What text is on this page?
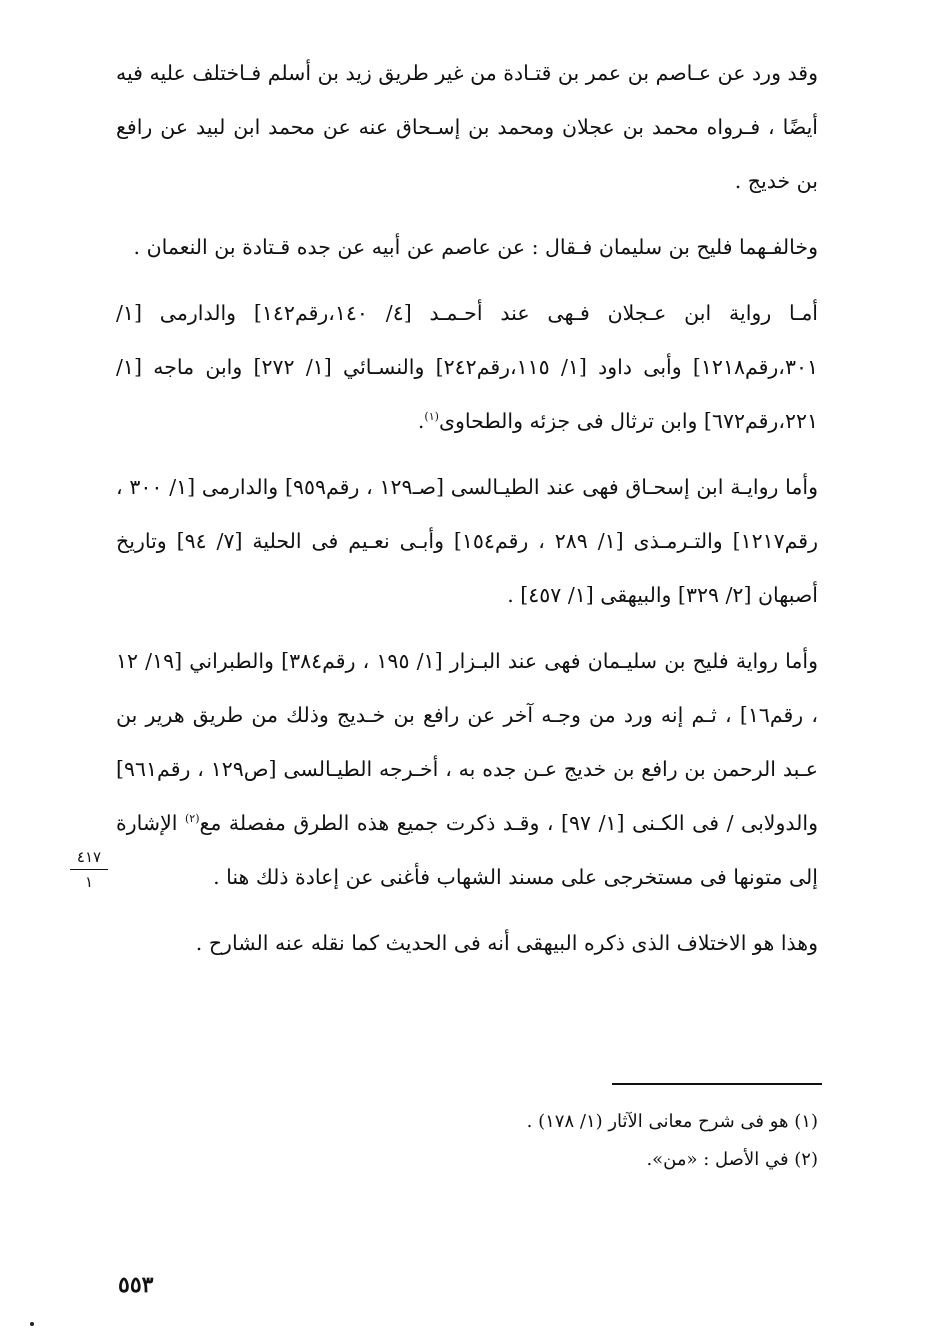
وقد ورد عن عـاصم بن عمر بن قتـادة من غير طريق زيد بن أسلم فـاختلف عليه فيه أيضًا ، فـرواه محمد بن عجلان ومحمد بن إسـحاق عنه عن محمد ابن لبيد عن رافع بن خديج .

وخالفـهما فليح بن سليمان فـقال : عن عاصم عن أبيه عن جده قـتادة بن النعمان .

أمـا رواية ابن عـجلان فـهى عند أحـمـد [٤/ ١٤٠،رقم١٤٢] والدارمى [١/ ٣٠١،رقم١٢١٨] وأبى داود [١/ ١١٥،رقم٢٤٢] والنسـائي [١/ ٢٧٢] وابن ماجه [١/ ٢٢١،رقم٦٧٢] وابن ترثال فى جزئه والطحاوى$^{(١)}$.

وأما روايـة ابن إسحـاق فهى عند الطيـالسى [صـ١٢٩ ، رقم٩٥٩] والدارمى [١/ ٣٠٠ ، رقم١٢١٧] والتـرمـذى [١/ ٢٨٩ ، رقم١٥٤] وأبـى نعـيم فى الحلية [٧/ ٩٤] وتاريخ أصبهان [٢/ ٣٢٩] والبيهقى [١/ ٤٥٧] .

وأما رواية فليح بن سليـمان فهى عند البـزار [١/ ١٩٥ ، رقم٣٨٤] والطبراني [١٩/ ١٢ ، رقم١٦] ، ثـم إنه ورد من وجـه آخر عن رافع بن خـديج وذلك من طريق هرير بن عـبد الرحمن بن رافع بن خديج عـن جده به ، أخـرجه الطيـالسى [ص١٢٩ ، رقم٩٦١] والدولابى / فى الكـنى [١/ ٩٧] ، وقـد ذكرت جميع هذه الطرق مفصلة مع$^{(٢)}$ الإشارة إلى متونها فى مستخرجى على مسند الشهاب فأغنى عن إعادة ذلك هنا .

وهذا هو الاختلاف الذى ذكره البيهقى أنه فى الحديث كما نقله عنه الشارح .

٤١٧
١

(١) هو فى شرح معانى الآثار (١/ ١٧٨) .

(٢) في الأصل : «من».

٥٥٣
